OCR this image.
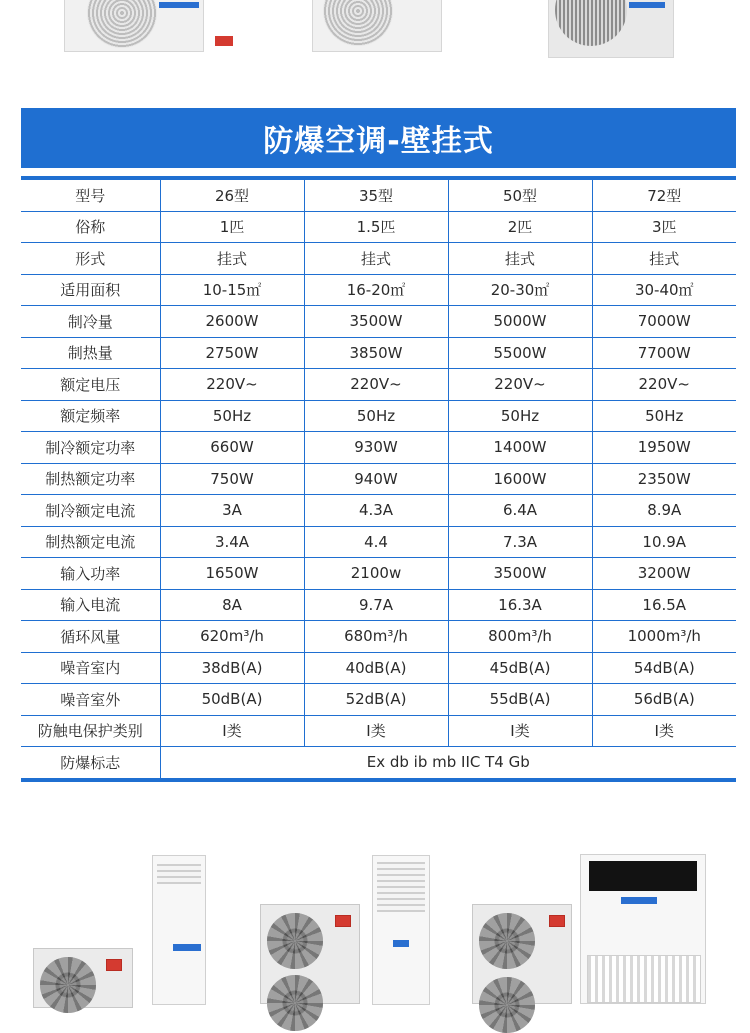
防爆空调-壁挂式
型号	26型	35型	50型	72型
俗称	1匹	1.5匹	2匹	3匹
形式	挂式	挂式	挂式	挂式
适用面积	10-15㎡	16-20㎡	20-30㎡	30-40㎡
制冷量	2600W	3500W	5000W	7000W
制热量	2750W	3850W	5500W	7700W
额定电压	220V~	220V~	220V~	220V~
额定频率	50Hz	50Hz	50Hz	50Hz
制冷额定功率	660W	930W	1400W	1950W
制热额定功率	750W	940W	1600W	2350W
制冷额定电流	3A	4.3A	6.4A	8.9A
制热额定电流	3.4A	4.4	7.3A	10.9A
输入功率	1650W	2100w	3500W	3200W
输入电流	8A	9.7A	16.3A	16.5A
循环风量	620m³/h	680m³/h	800m³/h	1000m³/h
噪音室内	38dB(A)	40dB(A)	45dB(A)	54dB(A)
噪音室外	50dB(A)	52dB(A)	55dB(A)	56dB(A)
防触电保护类别	Ⅰ类	Ⅰ类	Ⅰ类	Ⅰ类
防爆标志	Ex db ib mb IIC T4 Gb			
